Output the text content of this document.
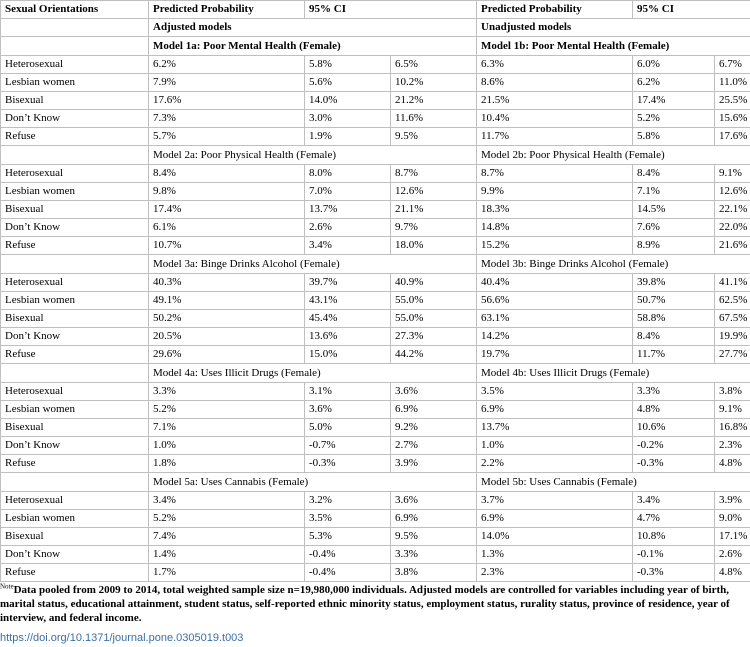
Sexual Orientations	Predicted Probability	95% CI		Predicted Probability	95% CI	
	Adjusted models			Unadjusted models		
	Model 1a: Poor Mental Health (Female)			Model 1b: Poor Mental Health (Female)		
Heterosexual	6.2%	5.8%	6.5%	6.3%	6.0%	6.7%
Lesbian women	7.9%	5.6%	10.2%	8.6%	6.2%	11.0%
Bisexual	17.6%	14.0%	21.2%	21.5%	17.4%	25.5%
Don’t Know	7.3%	3.0%	11.6%	10.4%	5.2%	15.6%
Refuse	5.7%	1.9%	9.5%	11.7%	5.8%	17.6%
	Model 2a: Poor Physical Health (Female)			Model 2b: Poor Physical Health (Female)		
Heterosexual	8.4%	8.0%	8.7%	8.7%	8.4%	9.1%
Lesbian women	9.8%	7.0%	12.6%	9.9%	7.1%	12.6%
Bisexual	17.4%	13.7%	21.1%	18.3%	14.5%	22.1%
Don’t Know	6.1%	2.6%	9.7%	14.8%	7.6%	22.0%
Refuse	10.7%	3.4%	18.0%	15.2%	8.9%	21.6%
	Model 3a: Binge Drinks Alcohol (Female)			Model 3b: Binge Drinks Alcohol (Female)		
Heterosexual	40.3%	39.7%	40.9%	40.4%	39.8%	41.1%
Lesbian women	49.1%	43.1%	55.0%	56.6%	50.7%	62.5%
Bisexual	50.2%	45.4%	55.0%	63.1%	58.8%	67.5%
Don’t Know	20.5%	13.6%	27.3%	14.2%	8.4%	19.9%
Refuse	29.6%	15.0%	44.2%	19.7%	11.7%	27.7%
	Model 4a: Uses Illicit Drugs (Female)			Model 4b: Uses Illicit Drugs (Female)		
Heterosexual	3.3%	3.1%	3.6%	3.5%	3.3%	3.8%
Lesbian women	5.2%	3.6%	6.9%	6.9%	4.8%	9.1%
Bisexual	7.1%	5.0%	9.2%	13.7%	10.6%	16.8%
Don’t Know	1.0%	-0.7%	2.7%	1.0%	-0.2%	2.3%
Refuse	1.8%	-0.3%	3.9%	2.2%	-0.3%	4.8%
	Model 5a: Uses Cannabis (Female)			Model 5b: Uses Cannabis (Female)		
Heterosexual	3.4%	3.2%	3.6%	3.7%	3.4%	3.9%
Lesbian women	5.2%	3.5%	6.9%	6.9%	4.7%	9.0%
Bisexual	7.4%	5.3%	9.5%	14.0%	10.8%	17.1%
Don’t Know	1.4%	-0.4%	3.3%	1.3%	-0.1%	2.6%
Refuse	1.7%	-0.4%	3.8%	2.3%	-0.3%	4.8%
$^{Note}$Data pooled from 2009 to 2014, total weighted sample size n=19,980,000 individuals. Adjusted models are controlled for variables including year of birth, marital status, educational attainment, student status, self-reported ethnic minority status, employment status, rurality status, province of residence, year of interview, and federal income.
https://doi.org/10.1371/journal.pone.0305019.t003
